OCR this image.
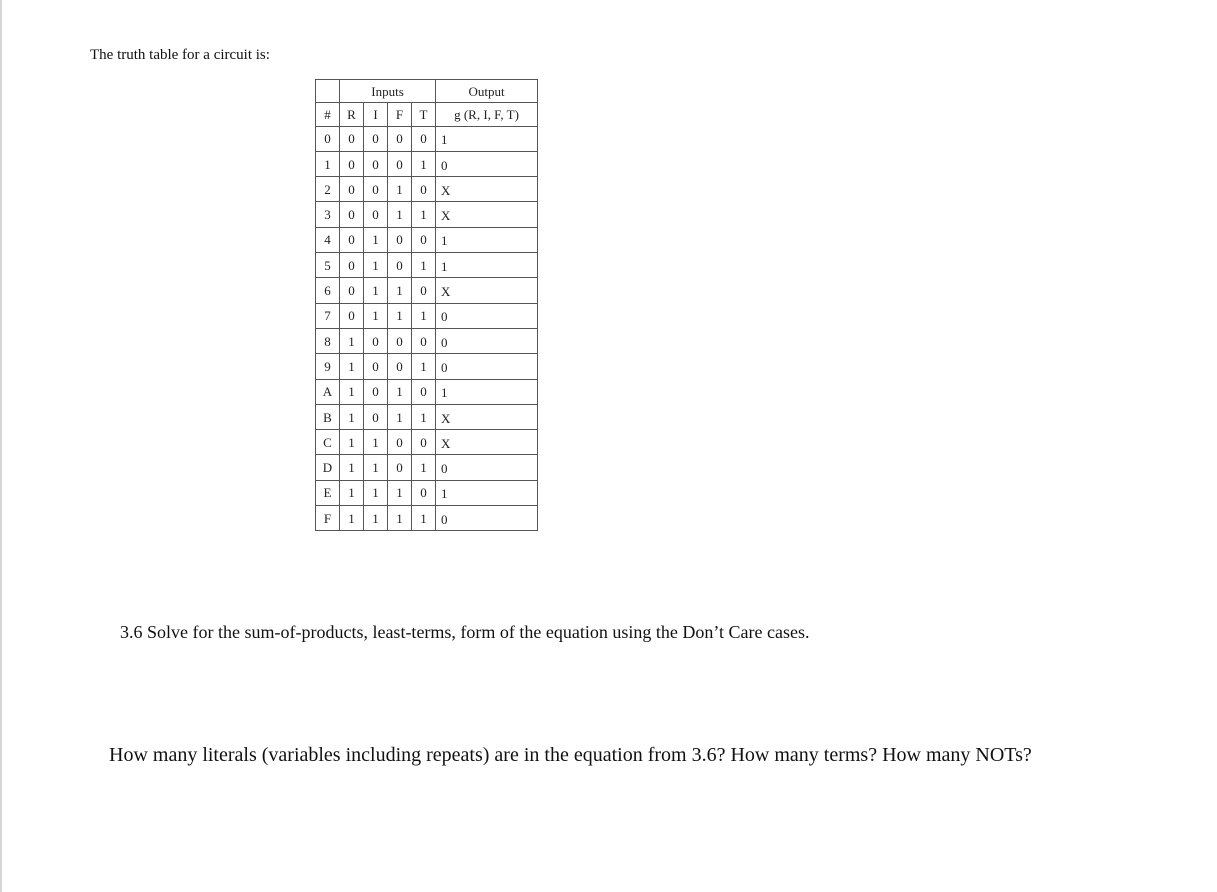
The truth table for a circuit is:
	Inputs				Output
#	R	I	F	T	g (R, I, F, T)
0	0	0	0	0	1
1	0	0	0	1	0
2	0	0	1	0	X
3	0	0	1	1	X
4	0	1	0	0	1
5	0	1	0	1	1
6	0	1	1	0	X
7	0	1	1	1	0
8	1	0	0	0	0
9	1	0	0	1	0
A	1	0	1	0	1
B	1	0	1	1	X
C	1	1	0	0	X
D	1	1	0	1	0
E	1	1	1	0	1
F	1	1	1	1	0
3.6 Solve for the sum-of-products, least-terms, form of the equation using the Don’t Care cases.
How many literals (variables including repeats) are in the equation from 3.6? How many terms? How many NOTs?
